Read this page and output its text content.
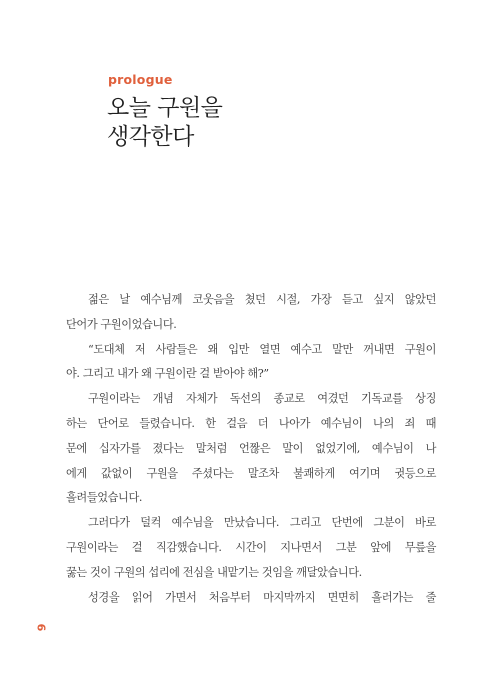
prologue
오늘 구원을
생각한다

젊은 날 예수님께 코웃음을 쳤던 시절, 가장 듣고 싶지 않았던
단어가 구원이었습니다.

“도대체 저 사람들은 왜 입만 열면 예수고 말만 꺼내면 구원이
야. 그리고 내가 왜 구원이란 걸 받아야 해?”

구원이라는 개념 자체가 독선의 종교로 여겼던 기독교를 상징
하는 단어로 들렸습니다. 한 걸음 더 나아가 예수님이 나의 죄 때
문에 십자가를 졌다는 말처럼 언짢은 말이 없었기에, 예수님이 나
에게 값없이 구원을 주셨다는 말조차 불쾌하게 여기며 귓등으로
흘려들었습니다.

그러다가 덜컥 예수님을 만났습니다. 그리고 단번에 그분이 바로
구원이라는 걸 직감했습니다. 시간이 지나면서 그분 앞에 무릎을
꿇는 것이 구원의 섭리에 전심을 내맡기는 것임을 깨달았습니다.

성경을 읽어 가면서 처음부터 마지막까지 면면히 흘러가는 줄

6
